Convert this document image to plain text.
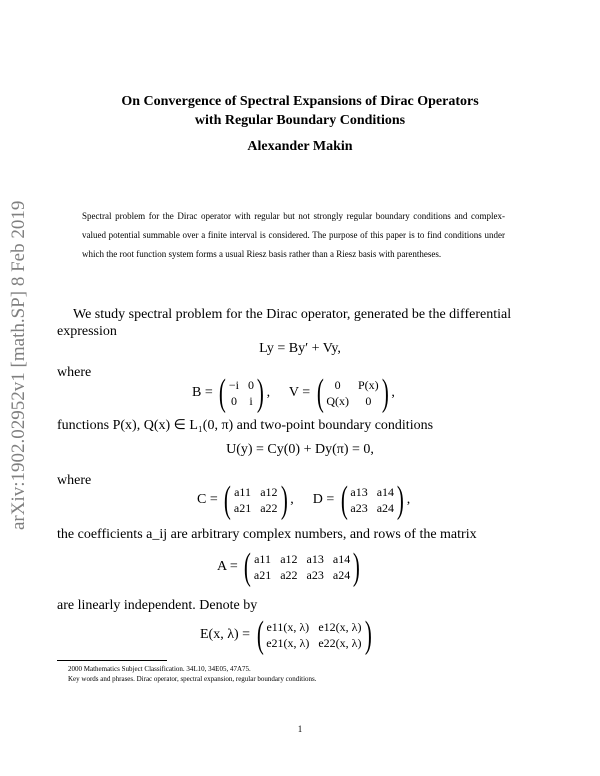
arXiv:1902.02952v1 [math.SP] 8 Feb 2019
On Convergence of Spectral Expansions of Dirac Operators
with Regular Boundary Conditions
Alexander Makin
Spectral problem for the Dirac operator with regular but not strongly regular boundary conditions and complex-valued potential summable over a finite interval is considered. The purpose of this paper is to find conditions under which the root function system forms a usual Riesz basis rather than a Riesz basis with parentheses.
We study spectral problem for the Dirac operator, generated be the differential expression
Ly = By′ + Vy,
where
B = ( −i 0
0 i ) ,  V = ( 0	P(x)
Q(x)	0 ) ,
functions P(x), Q(x) ∈ L₁(0, π) and two-point boundary conditions
U(y) = Cy(0) + Dy(π) = 0,
where
C = ( a11 a12
a21 a22 ) ,  D = ( a13 a14
a23 a24 ) ,
the coefficients a_ij are arbitrary complex numbers, and rows of the matrix
A = ( a11 a12 a13 a14
a21 a22 a23 a24 )
are linearly independent. Denote by
E(x, λ) = ( e11(x, λ) e12(x, λ)
e21(x, λ) e22(x, λ) )
2000 Mathematics Subject Classification. 34L10, 34E05, 47A75.
Key words and phrases. Dirac operator, spectral expansion, regular boundary conditions.
1
